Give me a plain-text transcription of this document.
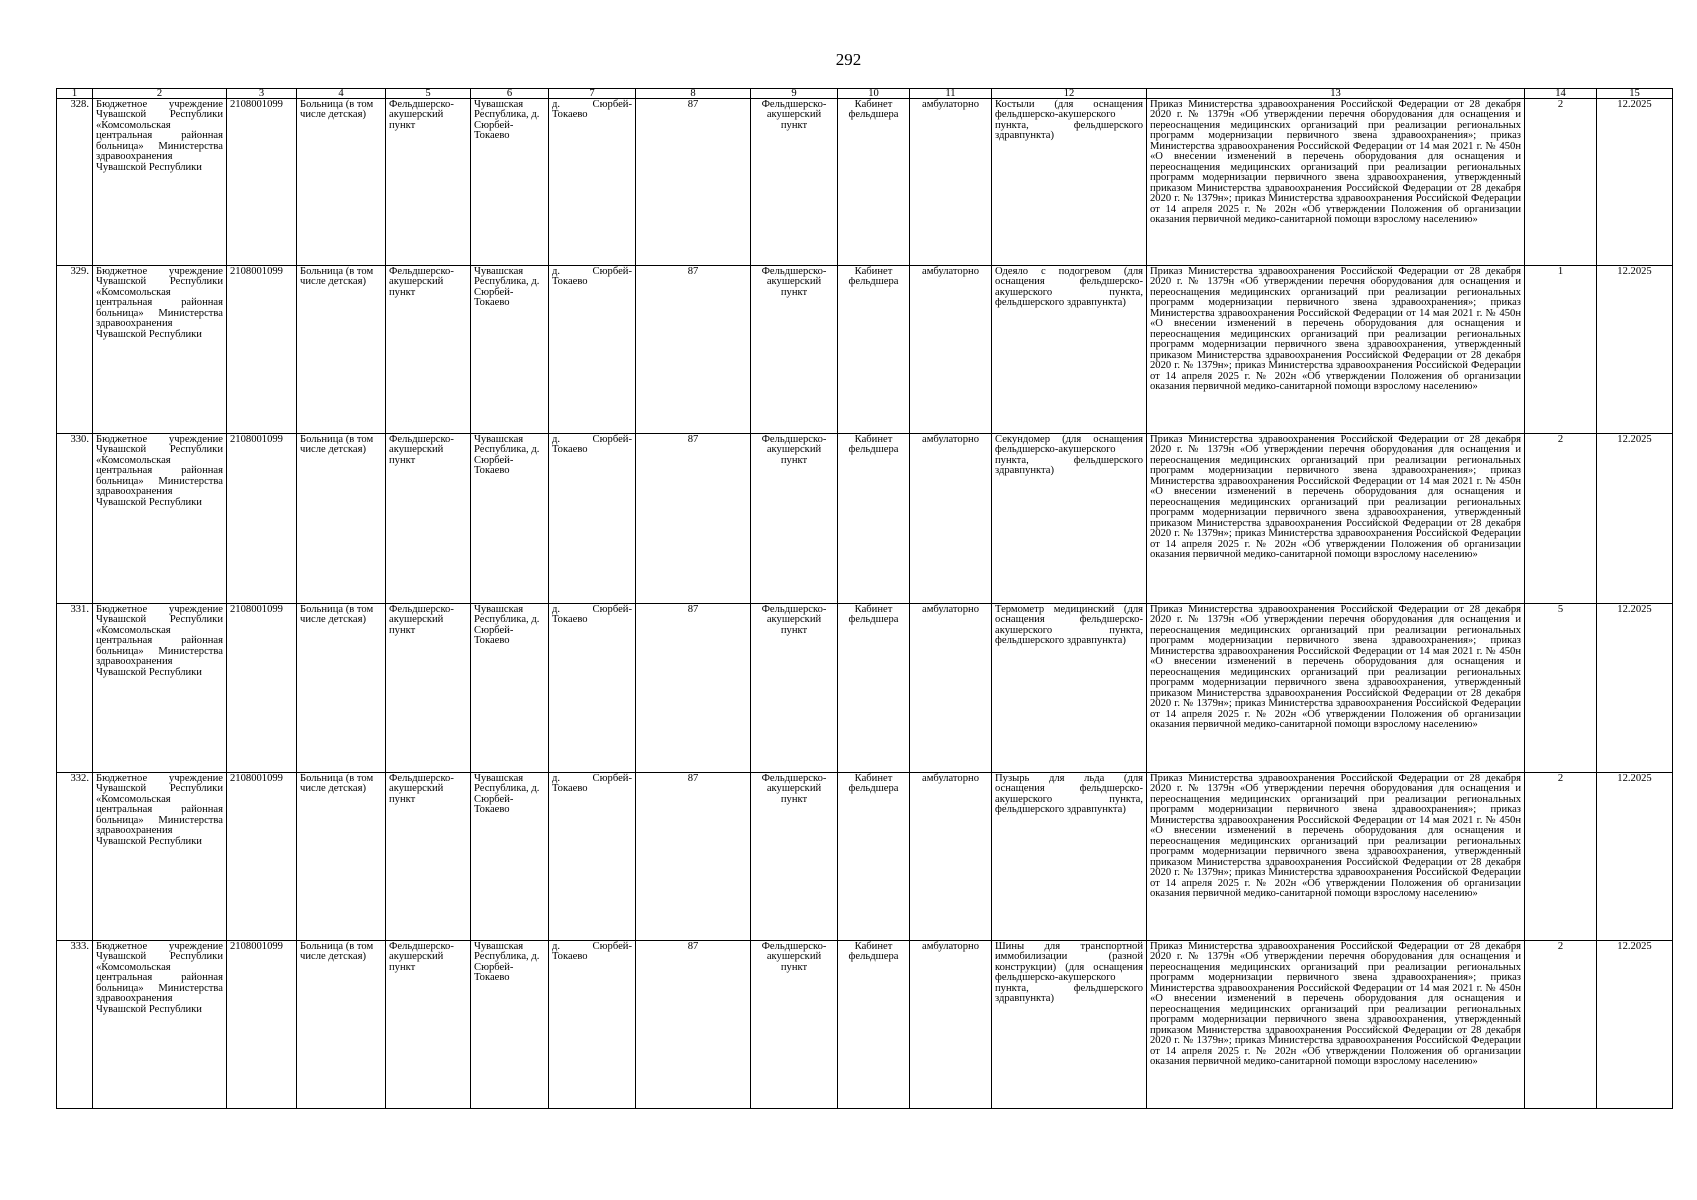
292
1	2	3	4	5	6	7	8	9	10	11	12	13	14	15
328.	Бюджетное учреждение Чувашской Республики «Комсомольская центральная районная больница» Министерства здравоохранения Чувашской Республики	2108001099	Больница (в том числе детская)	Фельдшерско-акушерский пункт	Чувашская Республика, д. Сюрбей-Токаево	д. Сюрбей-Токаево	87	Фельдшерско-акушерский пункт	Кабинет фельдшера	амбулаторно	Костыли (для оснащения фельдшерско-акушерского пункта, фельдшерского здравпункта)	Приказ Министерства здравоохранения Российской Федерации от 28 декабря 2020 г. № 1379н «Об утверждении перечня оборудования для оснащения и переоснащения медицинских организаций при реализации региональных программ модернизации первичного звена здравоохранения»; приказ Министерства здравоохранения Российской Федерации от 14 мая 2021 г. № 450н «О внесении изменений в перечень оборудования для оснащения и переоснащения медицинских организаций при реализации региональных программ модернизации первичного звена здравоохранения, утвержденный приказом Министерства здравоохранения Российской Федерации от 28 декабря 2020 г. № 1379н»; приказ Министерства здравоохранения Российской Федерации от 14 апреля 2025 г. № 202н «Об утверждении Положения об организации оказания первичной медико-санитарной помощи взрослому населению»	2	12.2025
329.	Бюджетное учреждение Чувашской Республики «Комсомольская центральная районная больница» Министерства здравоохранения Чувашской Республики	2108001099	Больница (в том числе детская)	Фельдшерско-акушерский пункт	Чувашская Республика, д. Сюрбей-Токаево	д. Сюрбей-Токаево	87	Фельдшерско-акушерский пункт	Кабинет фельдшера	амбулаторно	Одеяло с подогревом (для оснащения фельдшерско-акушерского пункта, фельдшерского здравпункта)	Приказ Министерства здравоохранения Российской Федерации от 28 декабря 2020 г. № 1379н «Об утверждении перечня оборудования для оснащения и переоснащения медицинских организаций при реализации региональных программ модернизации первичного звена здравоохранения»; приказ Министерства здравоохранения Российской Федерации от 14 мая 2021 г. № 450н «О внесении изменений в перечень оборудования для оснащения и переоснащения медицинских организаций при реализации региональных программ модернизации первичного звена здравоохранения, утвержденный приказом Министерства здравоохранения Российской Федерации от 28 декабря 2020 г. № 1379н»; приказ Министерства здравоохранения Российской Федерации от 14 апреля 2025 г. № 202н «Об утверждении Положения об организации оказания первичной медико-санитарной помощи взрослому населению»	1	12.2025
330.	Бюджетное учреждение Чувашской Республики «Комсомольская центральная районная больница» Министерства здравоохранения Чувашской Республики	2108001099	Больница (в том числе детская)	Фельдшерско-акушерский пункт	Чувашская Республика, д. Сюрбей-Токаево	д. Сюрбей-Токаево	87	Фельдшерско-акушерский пункт	Кабинет фельдшера	амбулаторно	Секундомер (для оснащения фельдшерско-акушерского пункта, фельдшерского здравпункта)	Приказ Министерства здравоохранения Российской Федерации от 28 декабря 2020 г. № 1379н «Об утверждении перечня оборудования для оснащения и переоснащения медицинских организаций при реализации региональных программ модернизации первичного звена здравоохранения»; приказ Министерства здравоохранения Российской Федерации от 14 мая 2021 г. № 450н «О внесении изменений в перечень оборудования для оснащения и переоснащения медицинских организаций при реализации региональных программ модернизации первичного звена здравоохранения, утвержденный приказом Министерства здравоохранения Российской Федерации от 28 декабря 2020 г. № 1379н»; приказ Министерства здравоохранения Российской Федерации от 14 апреля 2025 г. № 202н «Об утверждении Положения об организации оказания первичной медико-санитарной помощи взрослому населению»	2	12.2025
331.	Бюджетное учреждение Чувашской Республики «Комсомольская центральная районная больница» Министерства здравоохранения Чувашской Республики	2108001099	Больница (в том числе детская)	Фельдшерско-акушерский пункт	Чувашская Республика, д. Сюрбей-Токаево	д. Сюрбей-Токаево	87	Фельдшерско-акушерский пункт	Кабинет фельдшера	амбулаторно	Термометр медицинский (для оснащения фельдшерско-акушерского пункта, фельдшерского здравпункта)	Приказ Министерства здравоохранения Российской Федерации от 28 декабря 2020 г. № 1379н «Об утверждении перечня оборудования для оснащения и переоснащения медицинских организаций при реализации региональных программ модернизации первичного звена здравоохранения»; приказ Министерства здравоохранения Российской Федерации от 14 мая 2021 г. № 450н «О внесении изменений в перечень оборудования для оснащения и переоснащения медицинских организаций при реализации региональных программ модернизации первичного звена здравоохранения, утвержденный приказом Министерства здравоохранения Российской Федерации от 28 декабря 2020 г. № 1379н»; приказ Министерства здравоохранения Российской Федерации от 14 апреля 2025 г. № 202н «Об утверждении Положения об организации оказания первичной медико-санитарной помощи взрослому населению»	5	12.2025
332.	Бюджетное учреждение Чувашской Республики «Комсомольская центральная районная больница» Министерства здравоохранения Чувашской Республики	2108001099	Больница (в том числе детская)	Фельдшерско-акушерский пункт	Чувашская Республика, д. Сюрбей-Токаево	д. Сюрбей-Токаево	87	Фельдшерско-акушерский пункт	Кабинет фельдшера	амбулаторно	Пузырь для льда (для оснащения фельдшерско-акушерского пункта, фельдшерского здравпункта)	Приказ Министерства здравоохранения Российской Федерации от 28 декабря 2020 г. № 1379н «Об утверждении перечня оборудования для оснащения и переоснащения медицинских организаций при реализации региональных программ модернизации первичного звена здравоохранения»; приказ Министерства здравоохранения Российской Федерации от 14 мая 2021 г. № 450н «О внесении изменений в перечень оборудования для оснащения и переоснащения медицинских организаций при реализации региональных программ модернизации первичного звена здравоохранения, утвержденный приказом Министерства здравоохранения Российской Федерации от 28 декабря 2020 г. № 1379н»; приказ Министерства здравоохранения Российской Федерации от 14 апреля 2025 г. № 202н «Об утверждении Положения об организации оказания первичной медико-санитарной помощи взрослому населению»	2	12.2025
333.	Бюджетное учреждение Чувашской Республики «Комсомольская центральная районная больница» Министерства здравоохранения Чувашской Республики	2108001099	Больница (в том числе детская)	Фельдшерско-акушерский пункт	Чувашская Республика, д. Сюрбей-Токаево	д. Сюрбей-Токаево	87	Фельдшерско-акушерский пункт	Кабинет фельдшера	амбулаторно	Шины для транспортной иммобилизации (разной конструкции) (для оснащения фельдшерско-акушерского пункта, фельдшерского здравпункта)	Приказ Министерства здравоохранения Российской Федерации от 28 декабря 2020 г. № 1379н «Об утверждении перечня оборудования для оснащения и переоснащения медицинских организаций при реализации региональных программ модернизации первичного звена здравоохранения»; приказ Министерства здравоохранения Российской Федерации от 14 мая 2021 г. № 450н «О внесении изменений в перечень оборудования для оснащения и переоснащения медицинских организаций при реализации региональных программ модернизации первичного звена здравоохранения, утвержденный приказом Министерства здравоохранения Российской Федерации от 28 декабря 2020 г. № 1379н»; приказ Министерства здравоохранения Российской Федерации от 14 апреля 2025 г. № 202н «Об утверждении Положения об организации оказания первичной медико-санитарной помощи взрослому населению»	2	12.2025
